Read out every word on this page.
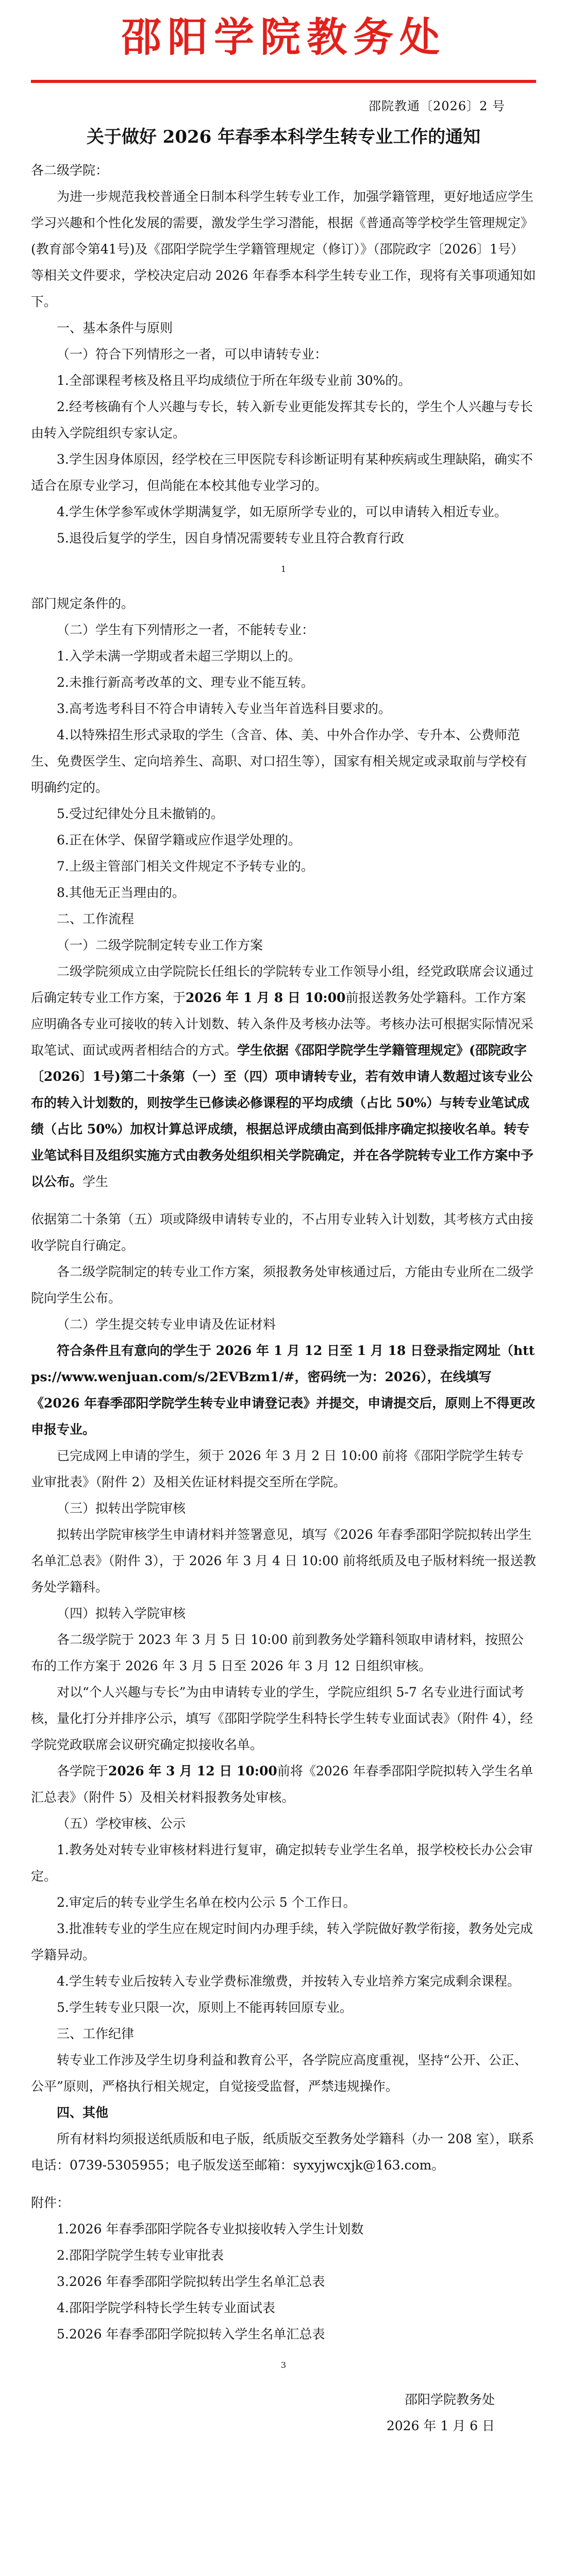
邵阳学院教务处
邵院教通〔2026〕2 号
关于做好 2026 年春季本科学生转专业工作的通知

各二级学院：

为进一步规范我校普通全日制本科学生转专业工作，加强学籍管理，更好地适应学生学习兴趣和个性化发展的需要，激发学生学习潜能，根据《普通高等学校学生管理规定》(教育部令第41号)及《邵阳学院学生学籍管理规定（修订）》（邵院政字〔2026〕1号）等相关文件要求，学校决定启动 2026 年春季本科学生转专业工作，现将有关事项通知如下。

一、基本条件与原则

（一）符合下列情形之一者，可以申请转专业：

1.全部课程考核及格且平均成绩位于所在年级专业前 30%的。

2.经考核确有个人兴趣与专长，转入新专业更能发挥其专长的，学生个人兴趣与专长由转入学院组织专家认定。

3.学生因身体原因，经学校在三甲医院专科诊断证明有某种疾病或生理缺陷，确实不适合在原专业学习，但尚能在本校其他专业学习的。

4.学生休学参军或休学期满复学，如无原所学专业的，可以申请转入相近专业。

5.退役后复学的学生，因自身情况需要转专业且符合教育行政

1

部门规定条件的。

（二）学生有下列情形之一者，不能转专业：

1.入学未满一学期或者未超三学期以上的。

2.未推行新高考改革的文、理专业不能互转。

3.高考选考科目不符合申请转入专业当年首选科目要求的。

4.以特殊招生形式录取的学生（含音、体、美、中外合作办学、专升本、公费师范生、免费医学生、定向培养生、高职、对口招生等），国家有相关规定或录取前与学校有明确约定的。

5.受过纪律处分且未撤销的。

6.正在休学、保留学籍或应作退学处理的。

7.上级主管部门相关文件规定不予转专业的。

8.其他无正当理由的。

二、工作流程

（一）二级学院制定转专业工作方案

二级学院须成立由学院院长任组长的学院转专业工作领导小组，经党政联席会议通过后确定转专业工作方案，于2026 年 1 月 8 日 10:00前报送教务处学籍科。工作方案应明确各专业可接收的转入计划数、转入条件及考核办法等。考核办法可根据实际情况采取笔试、面试或两者相结合的方式。学生依据《邵阳学院学生学籍管理规定》(邵院政字〔2026〕1号)第二十条第（一）至（四）项申请转专业，若有效申请人数超过该专业公布的转入计划数的，则按学生已修读必修课程的平均成绩（占比 50%）与转专业笔试成绩（占比 50%）加权计算总评成绩，根据总评成绩由高到低排序确定拟接收名单。转专业笔试科目及组织实施方式由教务处组织相关学院确定，并在各学院转专业工作方案中予以公布。学生

依据第二十条第（五）项或降级申请转专业的，不占用专业转入计划数，其考核方式由接收学院自行确定。

各二级学院制定的转专业工作方案，须报教务处审核通过后，方能由专业所在二级学院向学生公布。

（二）学生提交转专业申请及佐证材料

符合条件且有意向的学生于 2026 年 1 月 12 日至 1 月 18 日登录指定网址（https://www.wenjuan.com/s/2EVBzm1/#，密码统一为：2026），在线填写《2026 年春季邵阳学院学生转专业申请登记表》并提交，申请提交后，原则上不得更改申报专业。

已完成网上申请的学生，须于 2026 年 3 月 2 日 10:00 前将《邵阳学院学生转专业审批表》（附件 2）及相关佐证材料提交至所在学院。

（三）拟转出学院审核

拟转出学院审核学生申请材料并签署意见，填写《2026 年春季邵阳学院拟转出学生名单汇总表》（附件 3），于 2026 年 3 月 4 日 10:00 前将纸质及电子版材料统一报送教务处学籍科。

（四）拟转入学院审核

各二级学院于 2023 年 3 月 5 日 10:00 前到教务处学籍科领取申请材料，按照公布的工作方案于 2026 年 3 月 5 日至 2026 年 3 月 12 日组织审核。

对以“个人兴趣与专长”为由申请转专业的学生，学院应组织 5-7 名专业进行面试考核，量化打分并排序公示，填写《邵阳学院学生科特长学生转专业面试表》（附件 4），经学院党政联席会议研究确定拟接收名单。

各学院于2026 年 3 月 12 日 10:00前将《2026 年春季邵阳学院拟转入学生名单汇总表》（附件 5）及相关材料报教务处审核。

（五）学校审核、公示

1.教务处对转专业审核材料进行复审，确定拟转专业学生名单，报学校校长办公会审定。

2.审定后的转专业学生名单在校内公示 5 个工作日。

3.批准转专业的学生应在规定时间内办理手续，转入学院做好教学衔接，教务处完成学籍异动。

4.学生转专业后按转入专业学费标准缴费，并按转入专业培养方案完成剩余课程。

5.学生转专业只限一次，原则上不能再转回原专业。

三、工作纪律

转专业工作涉及学生切身利益和教育公平，各学院应高度重视，坚持“公开、公正、公平”原则，严格执行相关规定，自觉接受监督，严禁违规操作。

四、其他

所有材料均须报送纸质版和电子版，纸质版交至教务处学籍科（办一 208 室），联系电话：0739-5305955；电子版发送至邮箱：syxyjwcxjk@163.com。

附件：

1.2026 年春季邵阳学院各专业拟接收转入学生计划数

2.邵阳学院学生转专业审批表

3.2026 年春季邵阳学院拟转出学生名单汇总表

4.邵阳学院学科特长学生转专业面试表

5.2026 年春季邵阳学院拟转入学生名单汇总表

3
邵阳学院教务处
2026 年 1 月 6 日
